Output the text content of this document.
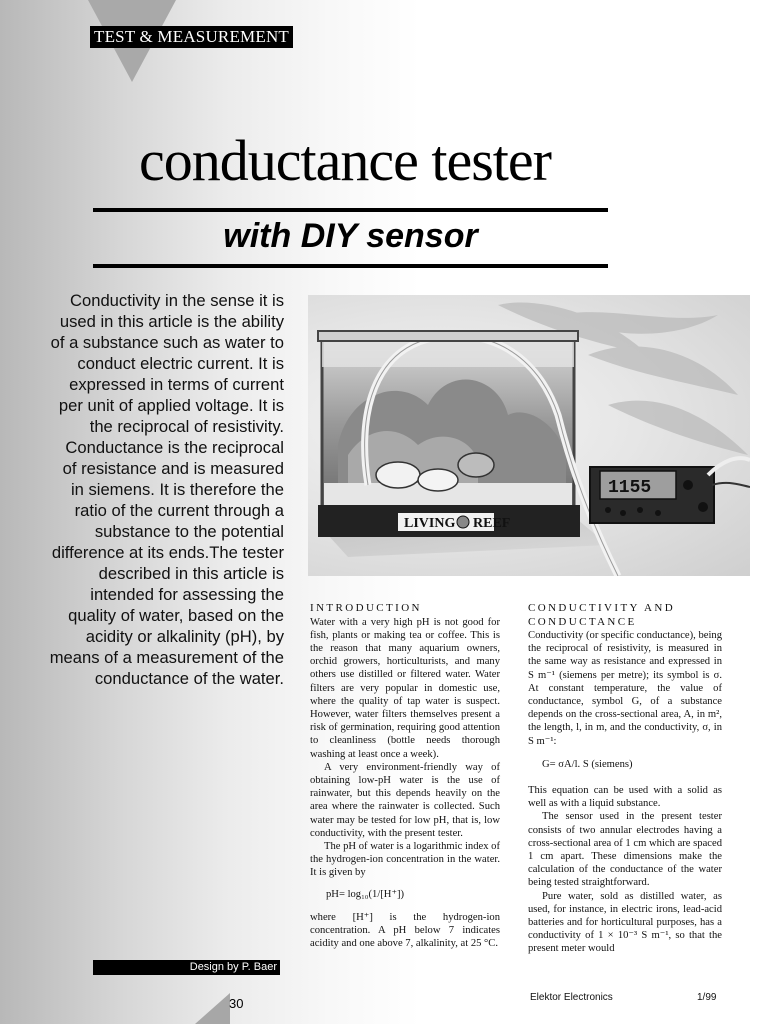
TEST & MEASUREMENT
conductance tester
with DIY sensor
Conductivity in the sense it is used in this article is the ability of a substance such as water to conduct electric current. It is expressed in terms of current per unit of applied voltage. It is the reciprocal of resistivity. Conductance is the reciprocal of resistance and is measured in siemens. It is therefore the ratio of the current through a substance to the potential difference at its ends.The tester described in this article is intended for assessing the quality of water, based on the acidity or alkalinity (pH), by means of a measurement of the conductance of the water.
Design by P. Baer
LIVING REEF
1155

INTRODUCTION

Water with a very high pH is not good for fish, plants or making tea or coffee. This is the reason that many aquarium owners, orchid growers, horticulturists, and many others use distilled or filtered water. Water filters are very popular in domestic use, where the quality of tap water is suspect. However, water filters themselves present a risk of germination, requiring good attention to cleanliness (bottle needs thorough washing at least once a week).

A very environment-friendly way of obtaining low-pH water is the use of rainwater, but this depends heavily on the area where the rainwater is collected. Such water may be tested for low pH, that is, low conductivity, with the present tester.

The pH of water is a logarithmic index of the hydrogen-ion concentration in the water. It is given by

pH= log₁₀(1/[H⁺])

where [H⁺] is the hydrogen-ion concentration. A pH below 7 indicates acidity and one above 7, alkalinity, at 25 °C.

CONDUCTIVITY AND CONDUCTANCE

Conductivity (or specific conductance), being the reciprocal of resistivity, is measured in the same way as resistance and expressed in S m⁻¹ (siemens per metre); its symbol is σ. At constant temperature, the value of conductance, symbol G, of a substance depends on the cross-sectional area, A, in m², the length, l, in m, and the conductivity, σ, in S m⁻¹:

G= σA/l. S (siemens)

This equation can be used with a solid as well as with a liquid substance.

The sensor used in the present tester consists of two annular electrodes having a cross-sectional area of 1 cm which are spaced 1 cm apart. These dimensions make the calculation of the conductance of the water being tested straightforward.

Pure water, sold as distilled water, as used, for instance, in electric irons, lead-acid batteries and for horticultural purposes, has a conductivity of 1 × 10⁻³ S m⁻¹, so that the present meter would

30	Elektor Electronics	1/99
